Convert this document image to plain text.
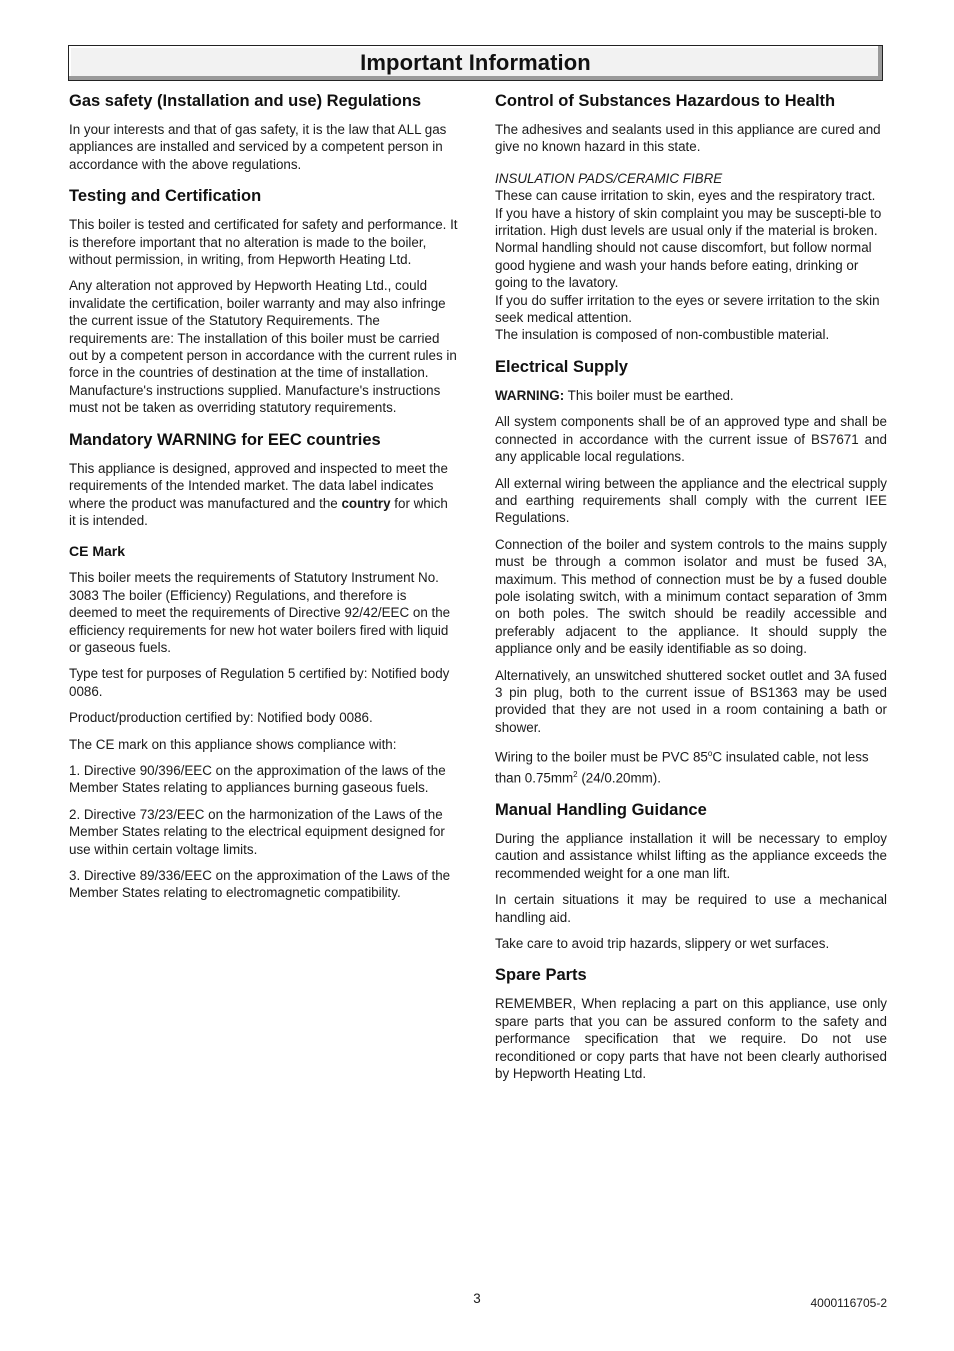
Important Information
Gas safety (Installation and use) Regulations

In your interests and that of gas safety, it is the law that ALL gas appliances are installed and serviced by a competent person in accordance with the above regulations.

Testing and Certification

This boiler is tested and certificated for safety and performance. It is therefore important that no alteration is made to the boiler, without permission, in writing, from Hepworth Heating Ltd.

Any alteration not approved by Hepworth Heating Ltd., could invalidate the certification, boiler warranty and may also infringe the current issue of the Statutory Requirements. The requirements are: The installation of this boiler must be carried out by a competent person in accordance with the current rules in force in the countries of destination at the time of installation. Manufacture's instructions supplied. Manufacture's instructions must not be taken as overriding statutory requirements.

Mandatory WARNING for EEC countries

This appliance is designed, approved and inspected to meet the requirements of the Intended market. The data label indicates where the product was manufactured and the country for which it is intended.

CE Mark

This boiler meets the requirements of Statutory Instrument No. 3083 The boiler (Efficiency) Regulations, and therefore is deemed to meet the requirements of Directive 92/42/EEC on the efficiency requirements for new hot water boilers fired with liquid or gaseous fuels.

Type test for purposes of Regulation 5 certified by: Notified body 0086.

Product/production certified by: Notified body 0086.

The CE mark on this appliance shows compliance with:

1. Directive 90/396/EEC on the approximation of the laws of the Member States relating to appliances burning gaseous fuels.

2. Directive 73/23/EEC on the harmonization of the Laws of the Member States relating to the electrical equipment designed for use within certain voltage limits.

3. Directive 89/336/EEC on the approximation of the Laws of the Member States relating to electromagnetic compatibility.

Control of Substances Hazardous to Health

The adhesives and sealants used in this appliance are cured and give no known hazard in this state.

INSULATION PADS/CERAMIC FIBRE

These can cause irritation to skin, eyes and the respiratory tract.

If you have a history of skin complaint you may be suscepti-ble to irritation. High dust levels are usual only if the material is broken.

Normal handling should not cause discomfort, but follow normal good hygiene and wash your hands before eating, drinking or going to the lavatory.

If you do suffer irritation to the eyes or severe irritation to the skin seek medical attention.

The insulation is composed of non-combustible material.

Electrical Supply

WARNING: This boiler must be earthed.

All system components shall be of an approved type and shall be connected in accordance with the current issue of BS7671 and any applicable local regulations.

All external wiring between the appliance and the electrical supply and earthing requirements shall comply with the current IEE Regulations.

Connection of the boiler and system controls to the mains supply must be through a common isolator and must be fused 3A, maximum. This method of connection must be by a fused double pole isolating switch, with a minimum contact separation of 3mm on both poles. The switch should be readily accessible and preferably adjacent to the appliance. It should supply the appliance only and be easily identifiable as so doing.

Alternatively, an unswitched shuttered socket outlet and 3A fused 3 pin plug, both to the current issue of BS1363 may be used provided that they are not used in a room containing a bath or shower.

Wiring to the boiler must be PVC 85$^o$C insulated cable, not less than $0.75mm^2$ (24/0.20mm).

Manual Handling Guidance

During the appliance installation it will be necessary to employ caution and assistance whilst lifting as the appliance exceeds the recommended weight for a one man lift.

In certain situations it may be required to use a mechanical handling aid.

Take care to avoid trip hazards, slippery or wet surfaces.

Spare Parts

REMEMBER, When replacing a part on this appliance, use only spare parts that you can be assured conform to the safety and performance specification that we require. Do not use reconditioned or copy parts that have not been clearly authorised by Hepworth Heating Ltd.

3	4000116705-2
